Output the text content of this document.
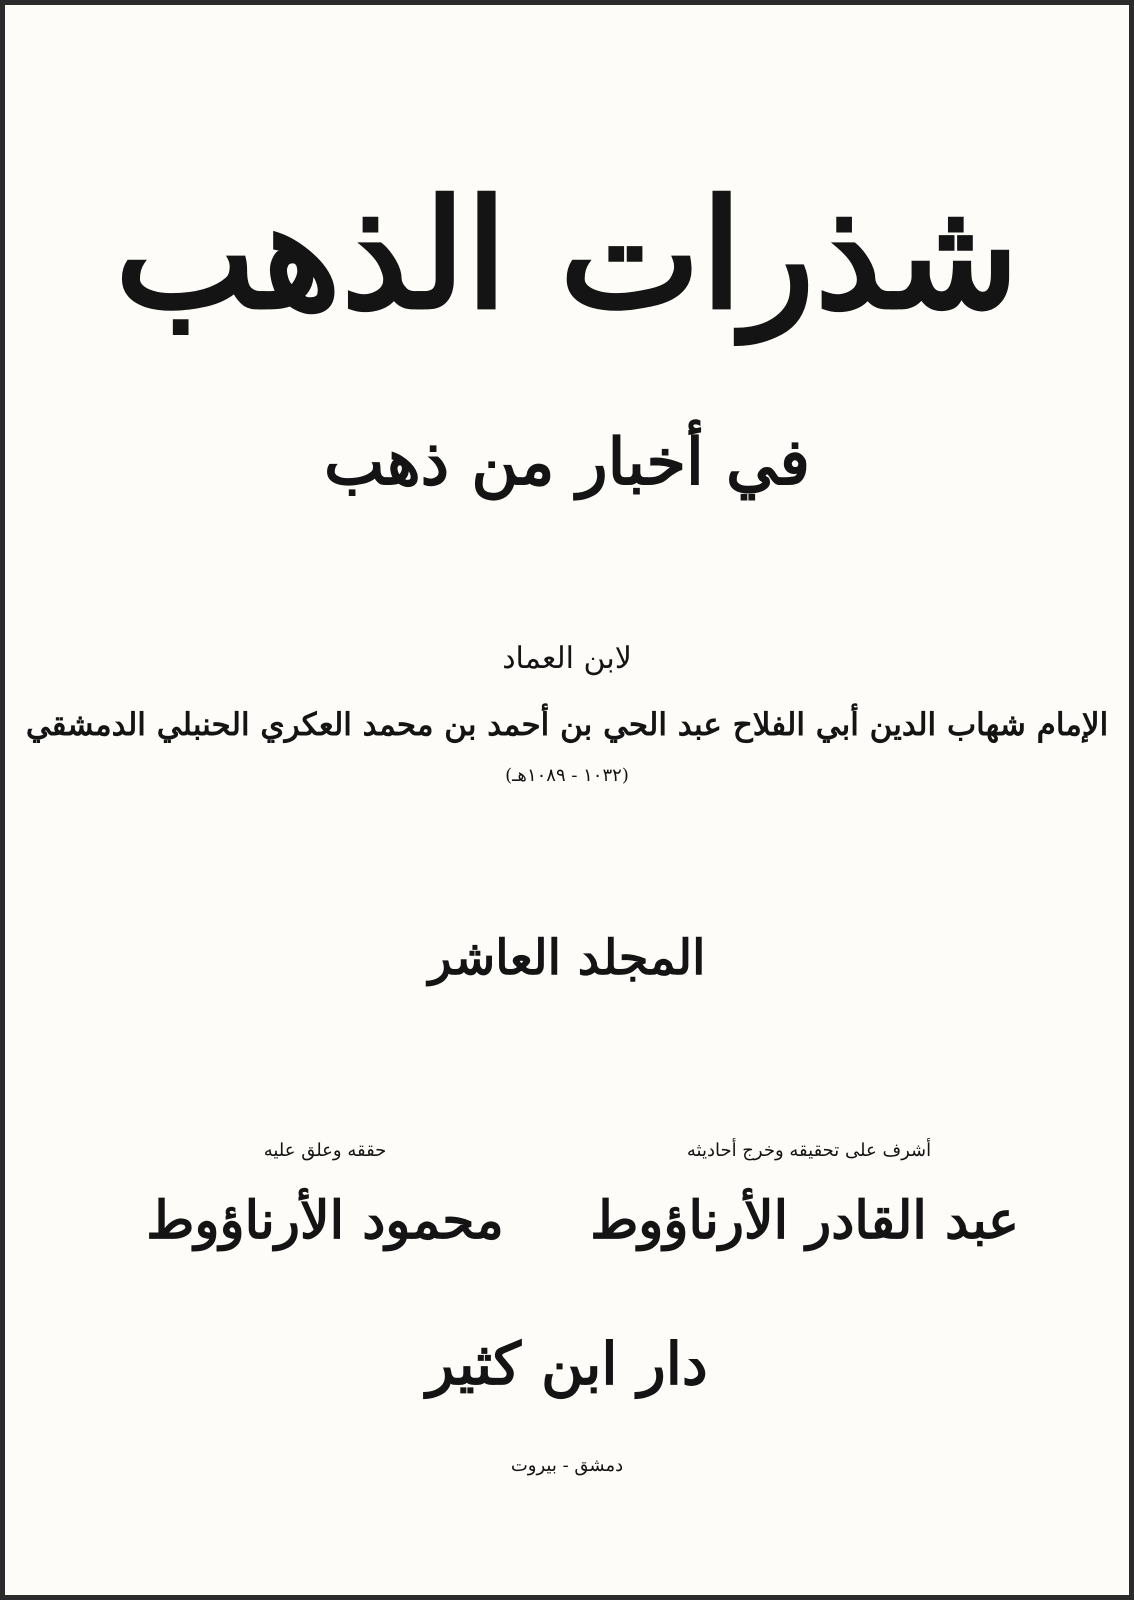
شذرات الذهب
في أخبار من ذهب
لابن العماد
الإمام شهاب الدين أبي الفلاح عبد الحي بن أحمد بن محمد العكري الحنبلي الدمشقي
(١٠٣٢ - ١٠٨٩هـ)
المجلد العاشر
أشرف على تحقيقه وخرج أحاديثه
عبد القادر الأرناؤوط
حققه وعلق عليه
محمود الأرناؤوط
دار ابن كثير
دمشق - بيروت
